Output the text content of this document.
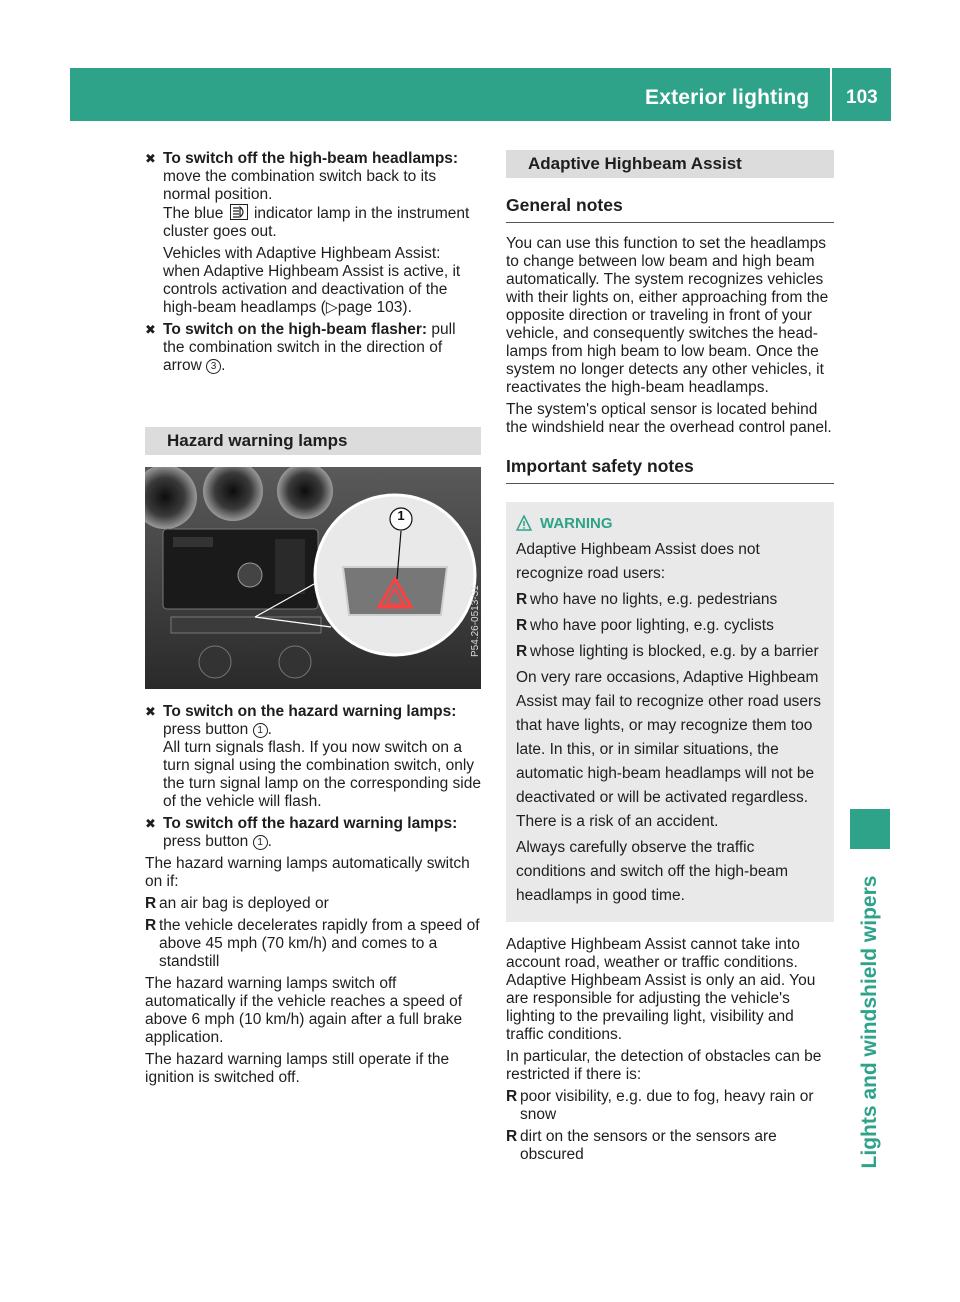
Exterior lighting 103
Lights and windshield wipers
✖ To switch off the high-beam headlamps: move the combination switch back to its normal position.
The blue indicator lamp in the instrument cluster goes out.

Vehicles with Adaptive Highbeam Assist: when Adaptive Highbeam Assist is active, it controls activation and deactivation of the high-beam headlamps (▷page 103).

✖ To switch on the high-beam flasher: pull the combination switch in the direction of arrow 3 .
Hazard warning lamps
1
P54.26-0513-31
✖ To switch on the hazard warning lamps:
press button 1 .
All turn signals flash. If you now switch on a turn signal using the combination switch, only the turn signal lamp on the corresponding side of the vehicle will flash.
✖ To switch off the hazard warning lamps:
press button 1 .

The hazard warning lamps automatically switch on if:

R an air bag is deployed or
R the vehicle decelerates rapidly from a speed of above 45 mph (70 km/h) and comes to a standstill

The hazard warning lamps switch off automatically if the vehicle reaches a speed of above 6 mph (10 km/h) again after a full brake application.

The hazard warning lamps still operate if the ignition is switched off.

Adaptive Highbeam Assist
General notes

You can use this function to set the headlamps to change between low beam and high beam automatically. The system recognizes vehicles with their lights on, either approaching from the opposite direction or traveling in front of your vehicle, and consequently switches the head-lamps from high beam to low beam. Once the system no longer detects any other vehicles, it reactivates the high-beam headlamps.

The system's optical sensor is located behind the windshield near the overhead control panel.

Important safety notes
WARNING

Adaptive Highbeam Assist does not recognize road users:

R who have no lights, e.g. pedestrians
R who have poor lighting, e.g. cyclists
R whose lighting is blocked, e.g. by a barrier

On very rare occasions, Adaptive Highbeam Assist may fail to recognize other road users that have lights, or may recognize them too late. In this, or in similar situations, the automatic high-beam headlamps will not be deactivated or will be activated regardless. There is a risk of an accident.

Always carefully observe the traffic conditions and switch off the high-beam headlamps in good time.

Adaptive Highbeam Assist cannot take into account road, weather or traffic conditions. Adaptive Highbeam Assist is only an aid. You are responsible for adjusting the vehicle's lighting to the prevailing light, visibility and traffic conditions.

In particular, the detection of obstacles can be restricted if there is:

R poor visibility, e.g. due to fog, heavy rain or snow
R dirt on the sensors or the sensors are obscured
